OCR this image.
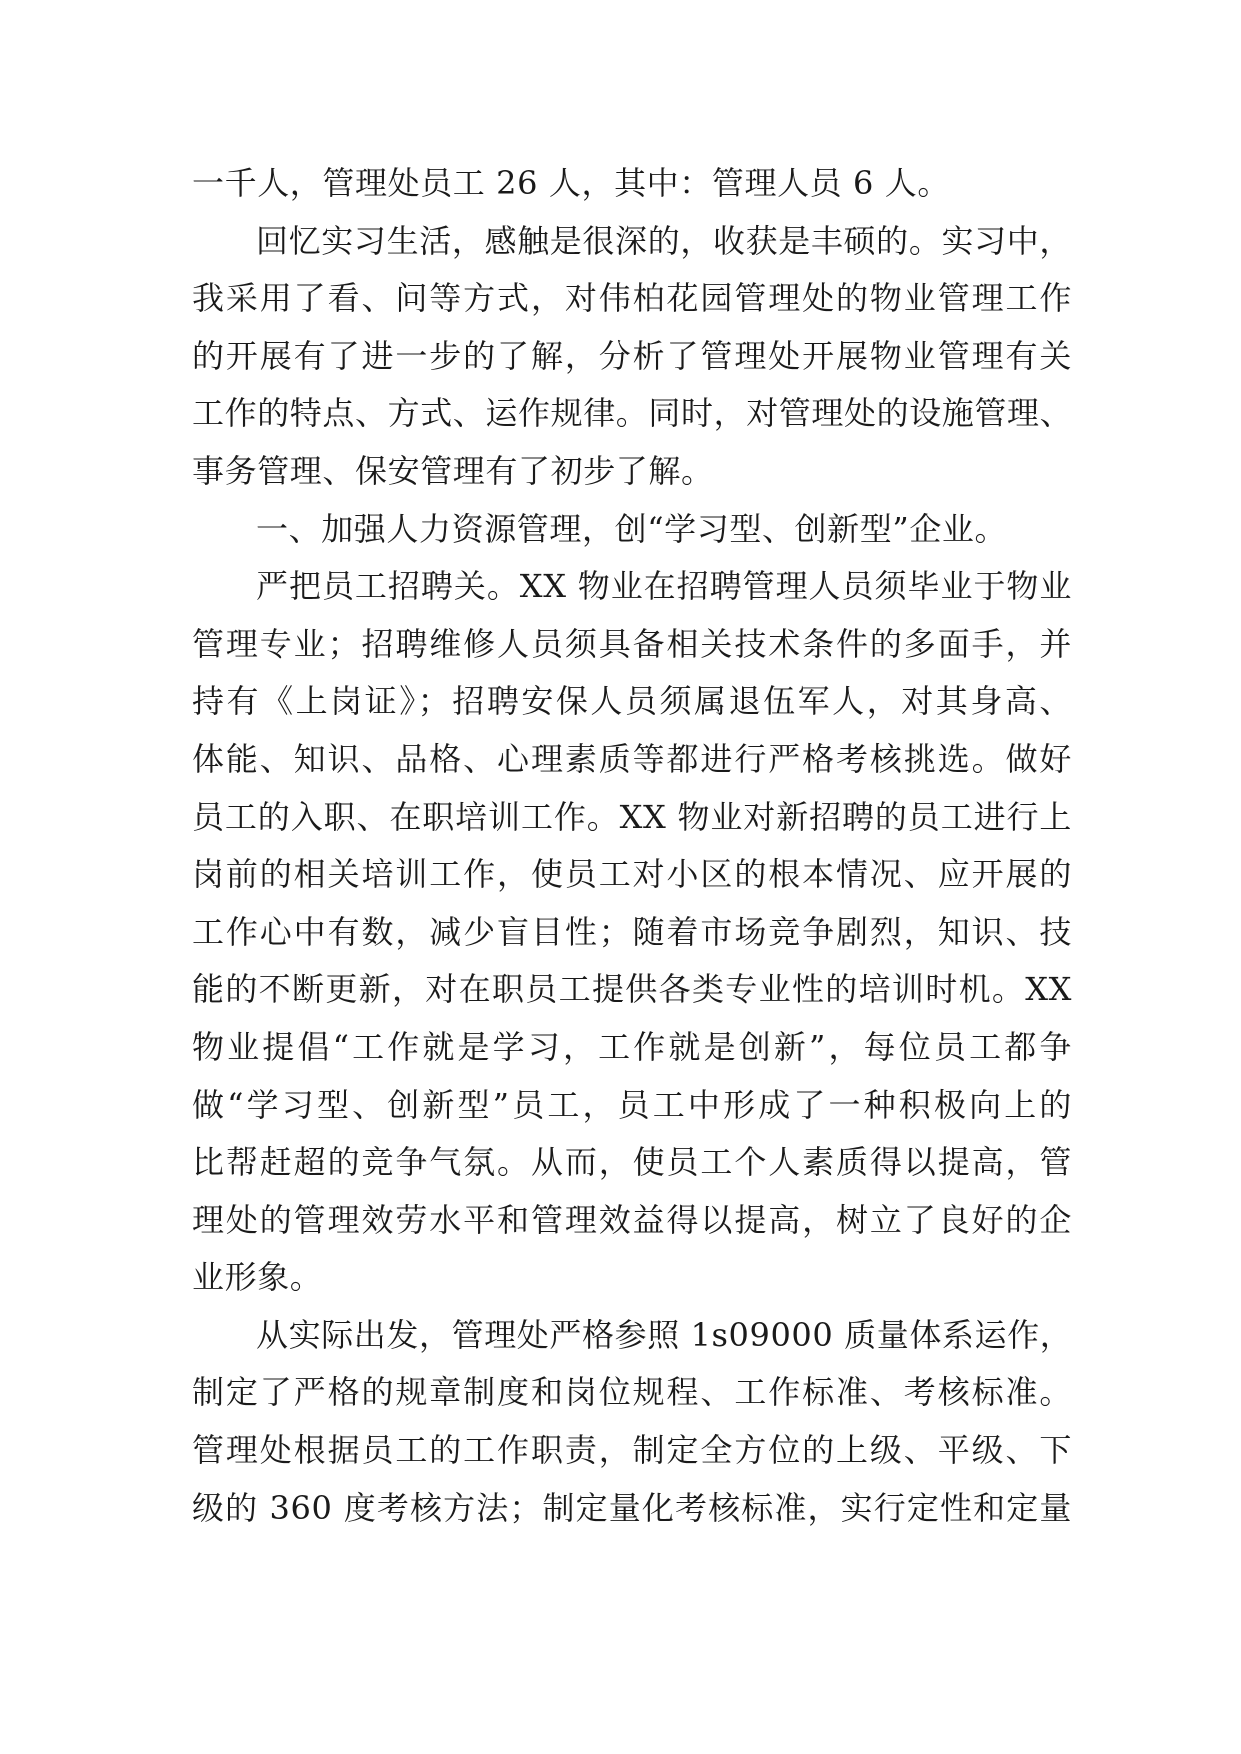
一千人，管理处员工 26 人，其中：管理人员 6 人。
回忆实习生活，感触是很深的，收获是丰硕的。实习中，
我采用了看、问等方式，对伟柏花园管理处的物业管理工作
的开展有了进一步的了解，分析了管理处开展物业管理有关
工作的特点、方式、运作规律。同时，对管理处的设施管理、
事务管理、保安管理有了初步了解。
一、加强人力资源管理，创“学习型、创新型”企业。
严把员工招聘关。XX 物业在招聘管理人员须毕业于物业
管理专业；招聘维修人员须具备相关技术条件的多面手，并
持有《上岗证》；招聘安保人员须属退伍军人，对其身高、
体能、知识、品格、心理素质等都进行严格考核挑选。做好
员工的入职、在职培训工作。XX 物业对新招聘的员工进行上
岗前的相关培训工作，使员工对小区的根本情况、应开展的
工作心中有数，减少盲目性；随着市场竞争剧烈，知识、技
能的不断更新，对在职员工提供各类专业性的培训时机。XX
物业提倡“工作就是学习，工作就是创新”，每位员工都争
做“学习型、创新型”员工，员工中形成了一种积极向上的
比帮赶超的竞争气氛。从而，使员工个人素质得以提高，管
理处的管理效劳水平和管理效益得以提高，树立了良好的企
业形象。
从实际出发，管理处严格参照 1s09000 质量体系运作，
制定了严格的规章制度和岗位规程、工作标准、考核标准。
管理处根据员工的工作职责，制定全方位的上级、平级、下
级的 360 度考核方法；制定量化考核标准，实行定性和定量
